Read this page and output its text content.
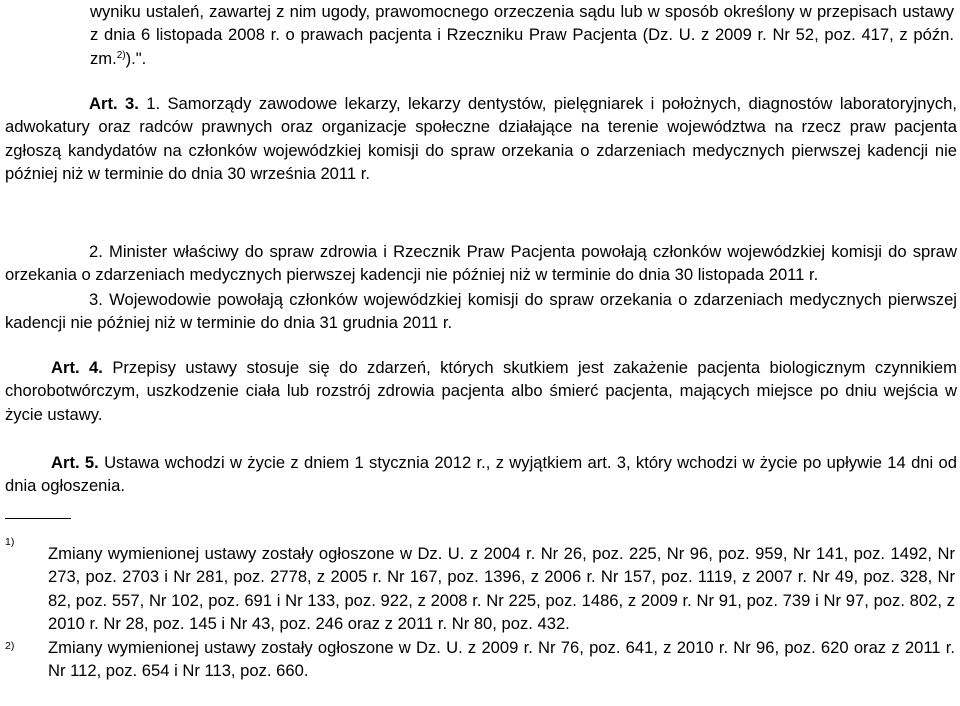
wyniku ustaleń, zawartej z nim ugody, prawomocnego orzeczenia sądu lub w sposób określony w przepisach ustawy z dnia 6 listopada 2008 r. o prawach pacjenta i Rzeczniku Praw Pacjenta (Dz. U. z 2009 r. Nr 52, poz. 417, z późn. zm.$^{2)}$).".
Art. 3. 1. Samorządy zawodowe lekarzy, lekarzy dentystów, pielęgniarek i położnych, diagnostów laboratoryjnych, adwokatury oraz radców prawnych oraz organizacje społeczne działające na terenie województwa na rzecz praw pacjenta zgłoszą kandydatów na członków wojewódzkiej komisji do spraw orzekania o zdarzeniach medycznych pierwszej kadencji nie później niż w terminie do dnia 30 września 2011 r.
2. Minister właściwy do spraw zdrowia i Rzecznik Praw Pacjenta powołają członków wojewódzkiej komisji do spraw orzekania o zdarzeniach medycznych pierwszej kadencji nie później niż w terminie do dnia 30 listopada 2011 r.
3. Wojewodowie powołają członków wojewódzkiej komisji do spraw orzekania o zdarzeniach medycznych pierwszej kadencji nie później niż w terminie do dnia 31 grudnia 2011 r.
Art. 4. Przepisy ustawy stosuje się do zdarzeń, których skutkiem jest zakażenie pacjenta biologicznym czynnikiem chorobotwórczym, uszkodzenie ciała lub rozstrój zdrowia pacjenta albo śmierć pacjenta, mających miejsce po dniu wejścia w życie ustawy.
Art. 5. Ustawa wchodzi w życie z dniem 1 stycznia 2012 r., z wyjątkiem art. 3, który wchodzi w życie po upływie 14 dni od dnia ogłoszenia.
1)
Zmiany wymienionej ustawy zostały ogłoszone w Dz. U. z 2004 r. Nr 26, poz. 225, Nr 96, poz. 959, Nr 141, poz. 1492, Nr 273, poz. 2703 i Nr 281, poz. 2778, z 2005 r. Nr 167, poz. 1396, z 2006 r. Nr 157, poz. 1119, z 2007 r. Nr 49, poz. 328, Nr 82, poz. 557, Nr 102, poz. 691 i Nr 133, poz. 922, z 2008 r. Nr 225, poz. 1486, z 2009 r. Nr 91, poz. 739 i Nr 97, poz. 802, z 2010 r. Nr 28, poz. 145 i Nr 43, poz. 246 oraz z 2011 r. Nr 80, poz. 432.
2) Zmiany wymienionej ustawy zostały ogłoszone w Dz. U. z 2009 r. Nr 76, poz. 641, z 2010 r. Nr 96, poz. 620 oraz z 2011 r. Nr 112, poz. 654 i Nr 113, poz. 660.
